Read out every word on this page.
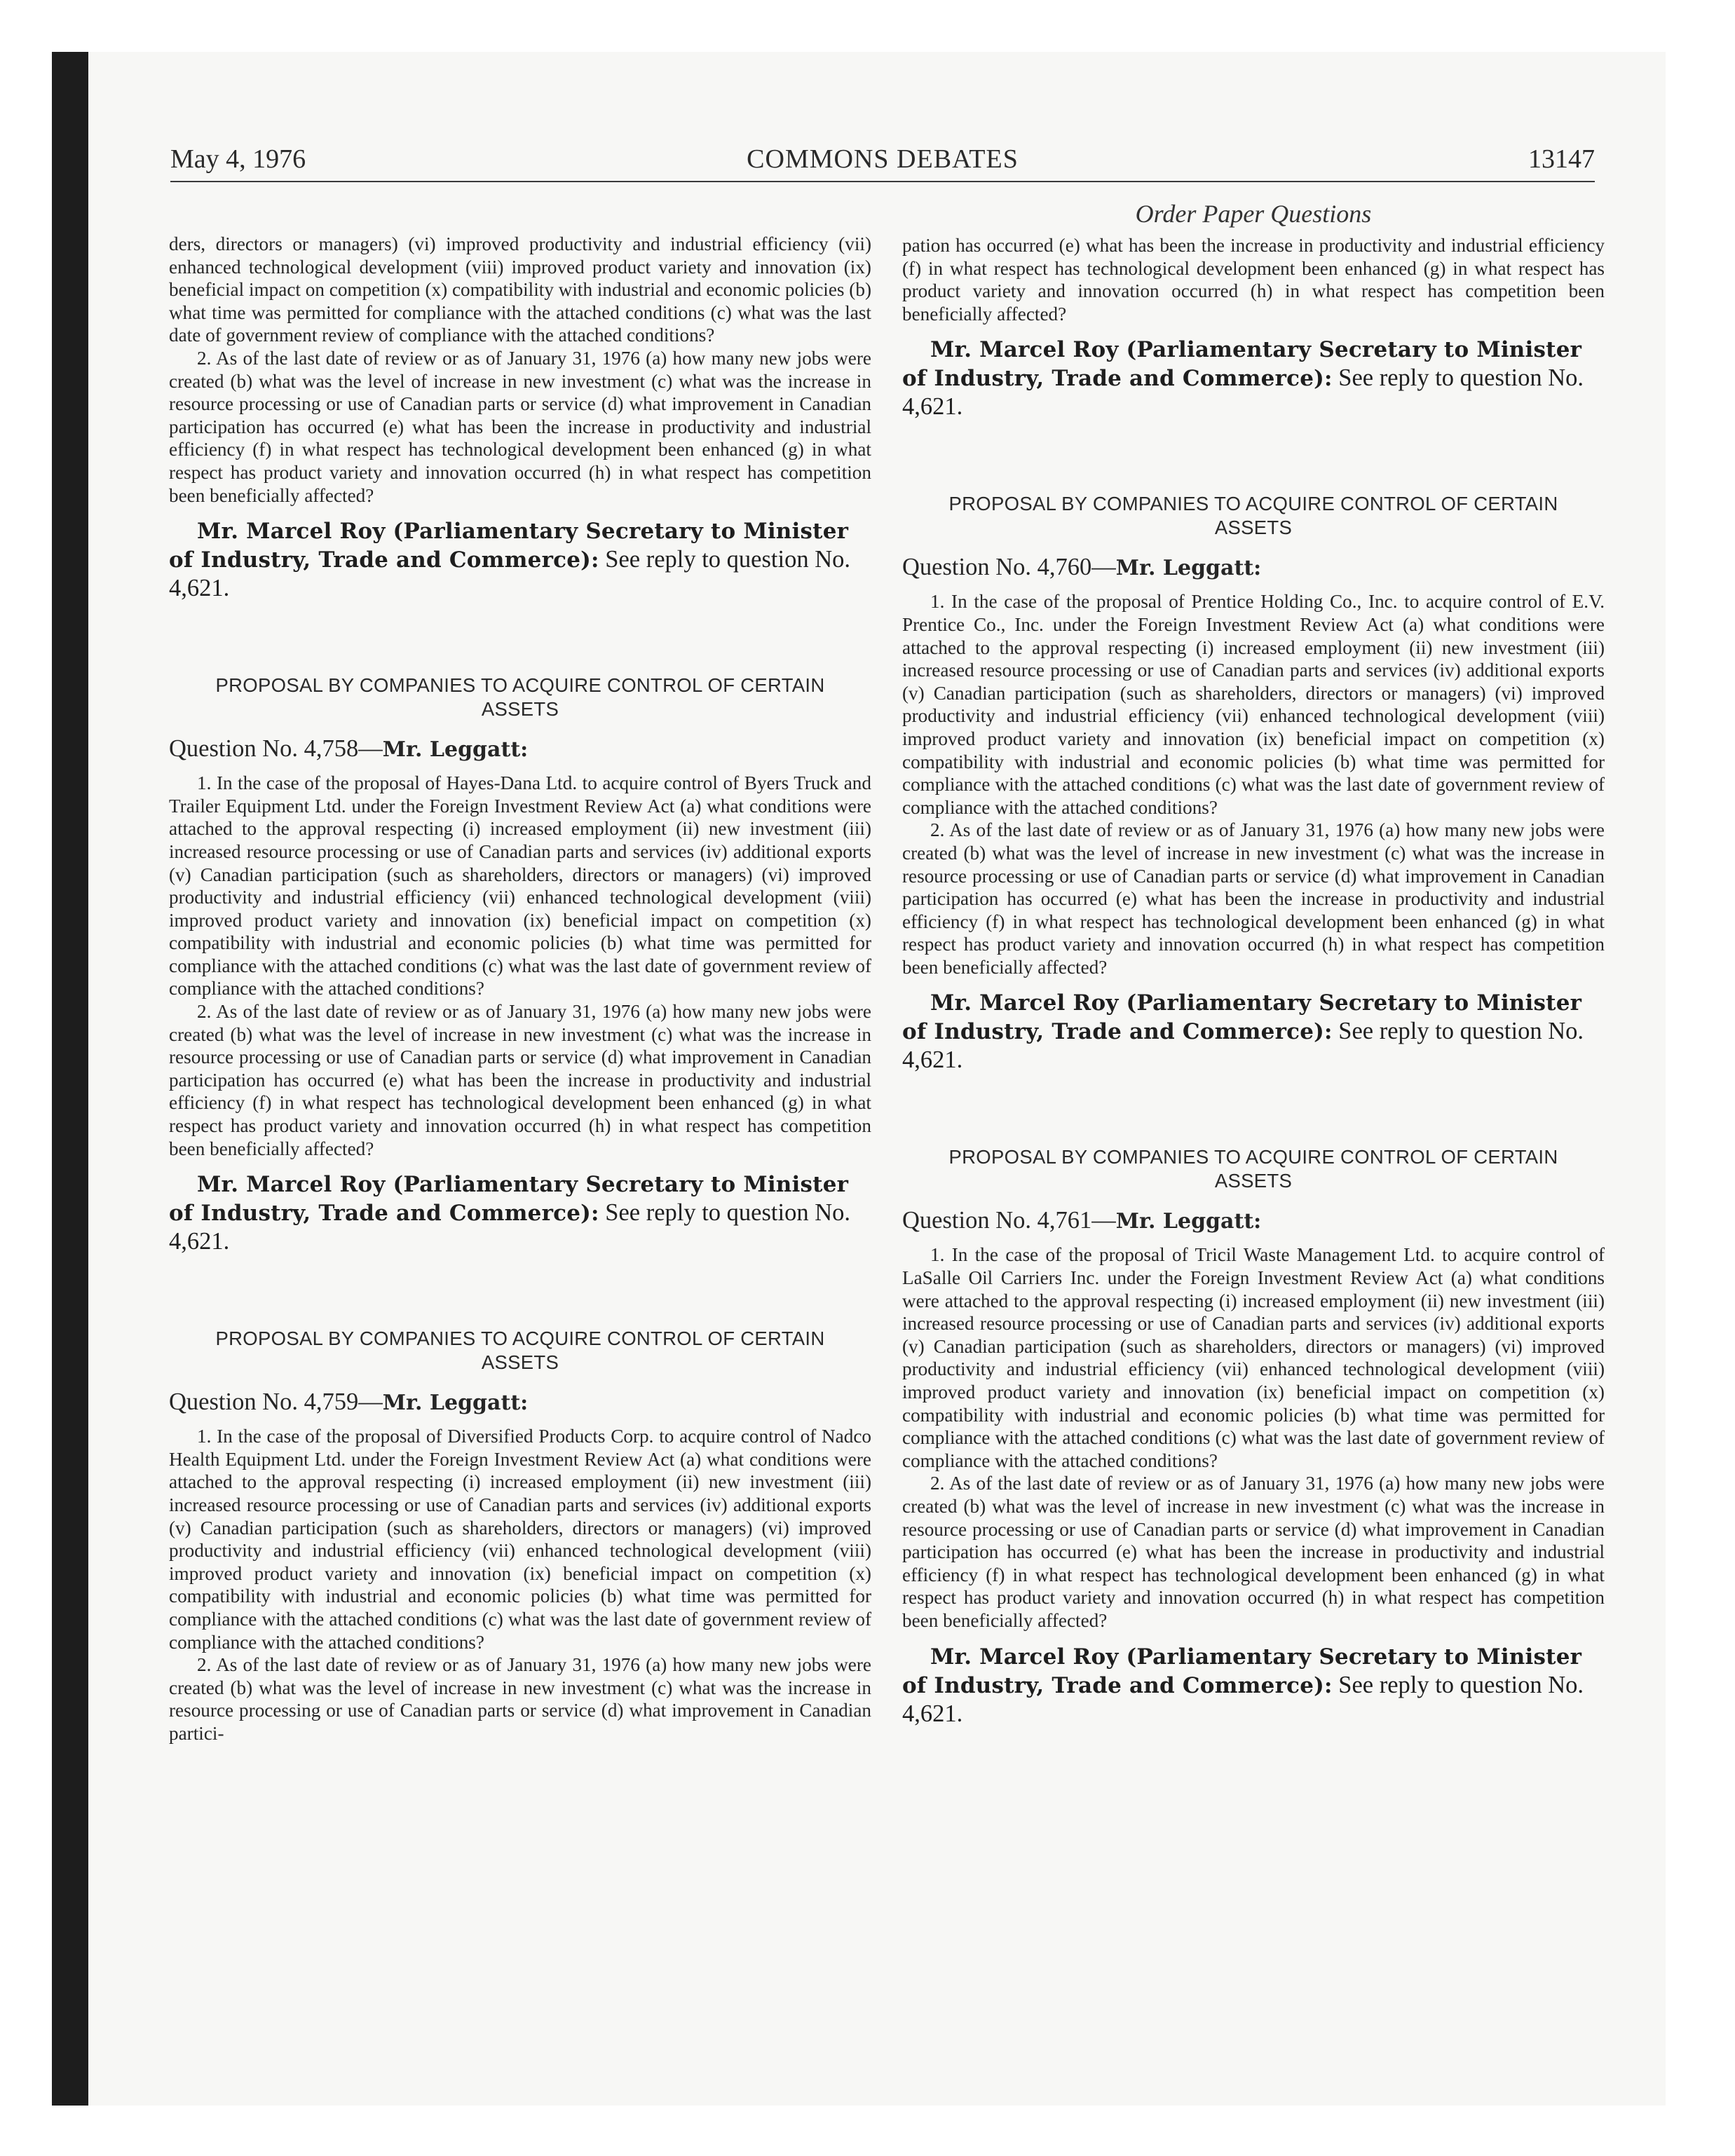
May 4, 1976	COMMONS DEBATES	13147

ders, directors or managers) (vi) improved productivity and industrial efficiency (vii) enhanced technological development (viii) improved product variety and innovation (ix) beneficial impact on competition (x) compatibility with industrial and economic policies (b) what time was permitted for compliance with the attached conditions (c) what was the last date of government review of compliance with the attached conditions?

2. As of the last date of review or as of January 31, 1976 (a) how many new jobs were created (b) what was the level of increase in new investment (c) what was the increase in resource processing or use of Canadian parts or service (d) what improvement in Canadian participation has occurred (e) what has been the increase in productivity and industrial efficiency (f) in what respect has technological development been enhanced (g) in what respect has product variety and innovation occurred (h) in what respect has competition been beneficially affected?

Mr. Marcel Roy (Parliamentary Secretary to Minister of Industry, Trade and Commerce): See reply to question No. 4,621.

PROPOSAL BY COMPANIES TO ACQUIRE CONTROL OF CERTAIN ASSETS
Question No. 4,758—Mr. Leggatt:

1. In the case of the proposal of Hayes-Dana Ltd. to acquire control of Byers Truck and Trailer Equipment Ltd. under the Foreign Investment Review Act (a) what conditions were attached to the approval respecting (i) increased employment (ii) new investment (iii) increased resource processing or use of Canadian parts and services (iv) additional exports (v) Canadian participation (such as shareholders, directors or managers) (vi) improved productivity and industrial efficiency (vii) enhanced technological development (viii) improved product variety and innovation (ix) beneficial impact on competition (x) compatibility with industrial and economic policies (b) what time was permitted for compliance with the attached conditions (c) what was the last date of government review of compliance with the attached conditions?

2. As of the last date of review or as of January 31, 1976 (a) how many new jobs were created (b) what was the level of increase in new investment (c) what was the increase in resource processing or use of Canadian parts or service (d) what improvement in Canadian participation has occurred (e) what has been the increase in productivity and industrial efficiency (f) in what respect has technological development been enhanced (g) in what respect has product variety and innovation occurred (h) in what respect has competition been beneficially affected?

Mr. Marcel Roy (Parliamentary Secretary to Minister of Industry, Trade and Commerce): See reply to question No. 4,621.

PROPOSAL BY COMPANIES TO ACQUIRE CONTROL OF CERTAIN ASSETS
Question No. 4,759—Mr. Leggatt:

1. In the case of the proposal of Diversified Products Corp. to acquire control of Nadco Health Equipment Ltd. under the Foreign Investment Review Act (a) what conditions were attached to the approval respecting (i) increased employment (ii) new investment (iii) increased resource processing or use of Canadian parts and services (iv) additional exports (v) Canadian participation (such as shareholders, directors or managers) (vi) improved productivity and industrial efficiency (vii) enhanced technological development (viii) improved product variety and innovation (ix) beneficial impact on competition (x) compatibility with industrial and economic policies (b) what time was permitted for compliance with the attached conditions (c) what was the last date of government review of compliance with the attached conditions?

2. As of the last date of review or as of January 31, 1976 (a) how many new jobs were created (b) what was the level of increase in new investment (c) what was the increase in resource processing or use of Canadian parts or service (d) what improvement in Canadian partici-

Order Paper Questions

pation has occurred (e) what has been the increase in productivity and industrial efficiency (f) in what respect has technological development been enhanced (g) in what respect has product variety and innovation occurred (h) in what respect has competition been beneficially affected?

Mr. Marcel Roy (Parliamentary Secretary to Minister of Industry, Trade and Commerce): See reply to question No. 4,621.

PROPOSAL BY COMPANIES TO ACQUIRE CONTROL OF CERTAIN ASSETS
Question No. 4,760—Mr. Leggatt:

1. In the case of the proposal of Prentice Holding Co., Inc. to acquire control of E.V. Prentice Co., Inc. under the Foreign Investment Review Act (a) what conditions were attached to the approval respecting (i) increased employment (ii) new investment (iii) increased resource processing or use of Canadian parts and services (iv) additional exports (v) Canadian participation (such as shareholders, directors or managers) (vi) improved productivity and industrial efficiency (vii) enhanced technological development (viii) improved product variety and innovation (ix) beneficial impact on competition (x) compatibility with industrial and economic policies (b) what time was permitted for compliance with the attached conditions (c) what was the last date of government review of compliance with the attached conditions?

2. As of the last date of review or as of January 31, 1976 (a) how many new jobs were created (b) what was the level of increase in new investment (c) what was the increase in resource processing or use of Canadian parts or service (d) what improvement in Canadian participation has occurred (e) what has been the increase in productivity and industrial efficiency (f) in what respect has technological development been enhanced (g) in what respect has product variety and innovation occurred (h) in what respect has competition been beneficially affected?

Mr. Marcel Roy (Parliamentary Secretary to Minister of Industry, Trade and Commerce): See reply to question No. 4,621.

PROPOSAL BY COMPANIES TO ACQUIRE CONTROL OF CERTAIN ASSETS
Question No. 4,761—Mr. Leggatt:

1. In the case of the proposal of Tricil Waste Management Ltd. to acquire control of LaSalle Oil Carriers Inc. under the Foreign Investment Review Act (a) what conditions were attached to the approval respecting (i) increased employment (ii) new investment (iii) increased resource processing or use of Canadian parts and services (iv) additional exports (v) Canadian participation (such as shareholders, directors or managers) (vi) improved productivity and industrial efficiency (vii) enhanced technological development (viii) improved product variety and innovation (ix) beneficial impact on competition (x) compatibility with industrial and economic policies (b) what time was permitted for compliance with the attached conditions (c) what was the last date of government review of compliance with the attached conditions?

2. As of the last date of review or as of January 31, 1976 (a) how many new jobs were created (b) what was the level of increase in new investment (c) what was the increase in resource processing or use of Canadian parts or service (d) what improvement in Canadian participation has occurred (e) what has been the increase in productivity and industrial efficiency (f) in what respect has technological development been enhanced (g) in what respect has product variety and innovation occurred (h) in what respect has competition been beneficially affected?

Mr. Marcel Roy (Parliamentary Secretary to Minister of Industry, Trade and Commerce): See reply to question No. 4,621.
